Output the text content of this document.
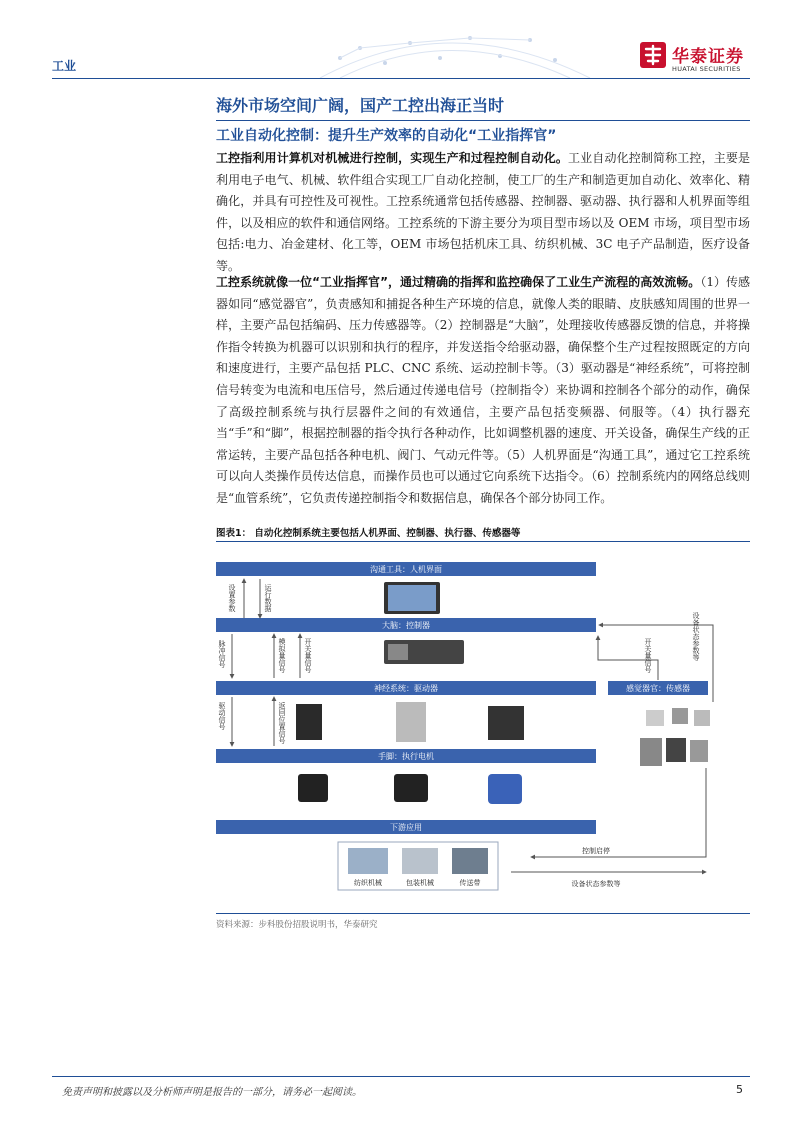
工业	华泰证券
HUATAI SECURITIES
海外市场空间广阔，国产工控出海正当时
工业自动化控制：提升生产效率的自动化“工业指挥官”
工控指利用计算机对机械进行控制，实现生产和过程控制自动化。工业自动化控制简称工控，主要是利用电子电气、机械、软件组合实现工厂自动化控制，使工厂的生产和制造更加自动化、效率化、精确化，并具有可控性及可视性。工控系统通常包括传感器、控制器、驱动器、执行器和人机界面等组件，以及相应的软件和通信网络。工控系统的下游主要分为项目型市场以及 OEM 市场，项目型市场包括:电力、冶金建材、化工等，OEM 市场包括机床工具、纺织机械、3C 电子产品制造，医疗设备等。
工控系统就像一位“工业指挥官”，通过精确的指挥和监控确保了工业生产流程的高效流畅。（1）传感器如同“感觉器官”，负责感知和捕捉各种生产环境的信息，就像人类的眼睛、皮肤感知周围的世界一样，主要产品包括编码、压力传感器等。（2）控制器是“大脑”，处理接收传感器反馈的信息，并将操作指令转换为机器可以识别和执行的程序，并发送指令给驱动器，确保整个生产过程按照既定的方向和速度进行，主要产品包括 PLC、CNC 系统、运动控制卡等。（3）驱动器是“神经系统”，可将控制信号转变为电流和电压信号，然后通过传递电信号（控制指令）来协调和控制各个部分的动作，确保了高级控制系统与执行层器件之间的有效通信，主要产品包括变频器、伺服等。（4）执行器充当“手”和“脚”，根据控制器的指令执行各种动作，比如调整机器的速度、开关设备，确保生产线的正常运转，主要产品包括各种电机、阀门、气动元件等。（5）人机界面是“沟通工具”，通过它工控系统可以向人类操作员传达信息，而操作员也可以通过它向系统下达指令。（6）控制系统内的网络总线则是“血管系统”，它负责传递控制指令和数据信息，确保各个部分协同工作。
图表1： 自动化控制系统主要包括人机界面、控制器、执行器、传感器等
沟通工具：人机界面
大脑：控制器
神经系统：驱动器
手脚：执行电机
下游应用
感觉器官：传感器
设置参数	运行数据
脉冲信号	模拟量信号	开关量信号
驱动信号	返回位置信号
开关量信号	设备状态参数等
纺织机械	包装机械	传送带
控制启停
设备状态参数等
资料来源：步科股份招股说明书，华泰研究
免责声明和披露以及分析师声明是报告的一部分，请务必一起阅读。	5
